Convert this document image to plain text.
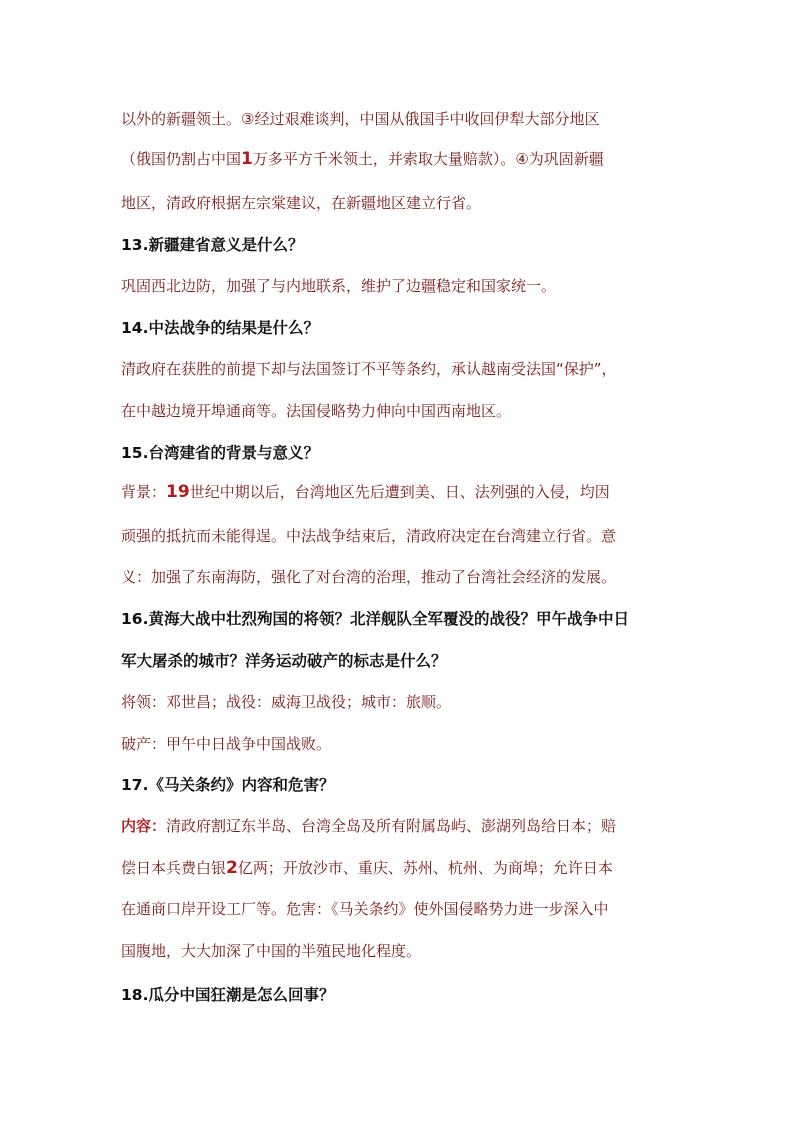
以外的新疆领土。③经过艰难谈判，中国从俄国手中收回伊犁大部分地区

（俄国仍割占中国1万多平方千米领土，并索取大量赔款）。④为巩固新疆

地区，清政府根据左宗棠建议，在新疆地区建立行省。

13.新疆建省意义是什么？

巩固西北边防，加强了与内地联系，维护了边疆稳定和国家统一。

14.中法战争的结果是什么？

清政府在获胜的前提下却与法国签订不平等条约，承认越南受法国“保护”，

在中越边境开埠通商等。法国侵略势力伸向中国西南地区。

15.台湾建省的背景与意义？

背景：19世纪中期以后，台湾地区先后遭到美、日、法列强的入侵，均因

顽强的抵抗而未能得逞。中法战争结束后，清政府决定在台湾建立行省。意

义：加强了东南海防，强化了对台湾的治理，推动了台湾社会经济的发展。

16.黄海大战中壮烈殉国的将领？北洋舰队全军覆没的战役？甲午战争中日

军大屠杀的城市？洋务运动破产的标志是什么？

将领：邓世昌；战役：威海卫战役；城市：旅顺。

破产：甲午中日战争中国战败。

17.《马关条约》内容和危害？

内容：清政府割辽东半岛、台湾全岛及所有附属岛屿、澎湖列岛给日本；赔

偿日本兵费白银2亿两；开放沙市、重庆、苏州、杭州、为商埠；允许日本

在通商口岸开设工厂等。危害：《马关条约》使外国侵略势力进一步深入中

国腹地，大大加深了中国的半殖民地化程度。

18.瓜分中国狂潮是怎么回事？
